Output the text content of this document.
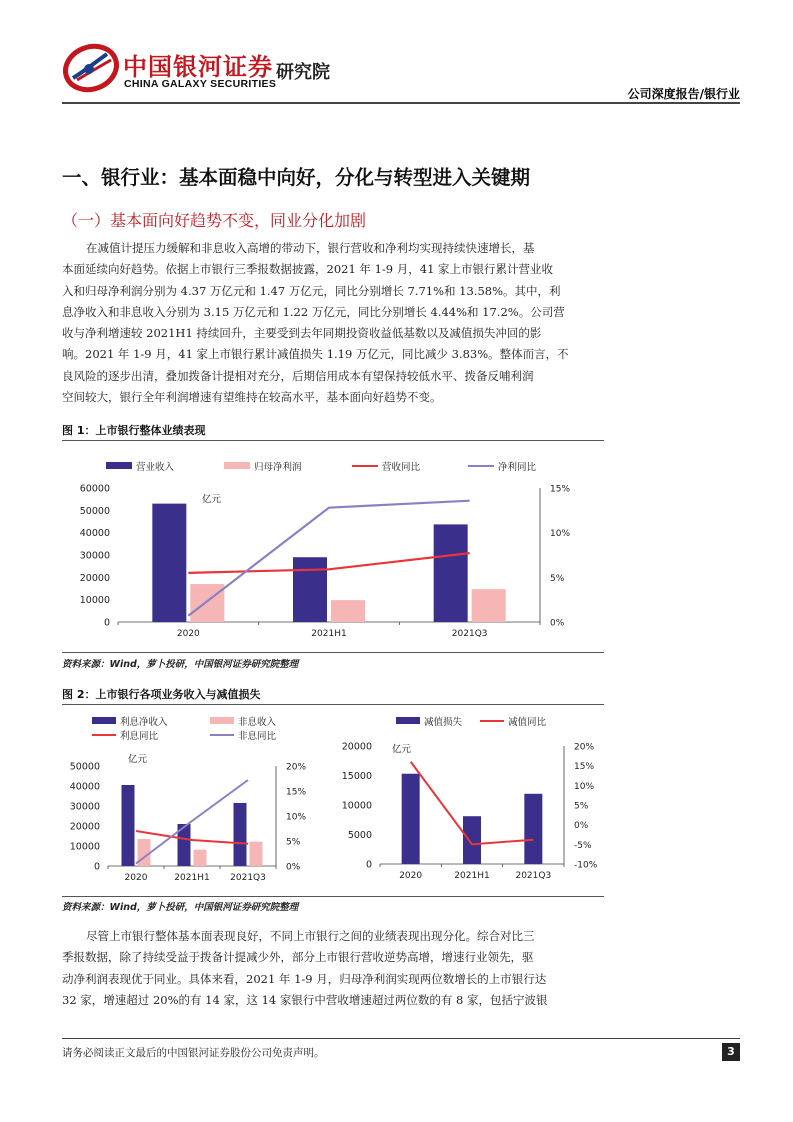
中国银河证券
CHINA GALAXY SECURITIES
研究院
公司深度报告/银行业
一、银行业：基本面稳中向好，分化与转型进入关键期
（一）基本面向好趋势不变，同业分化加剧
在减值计提压力缓解和非息收入高增的带动下，银行营收和净利均实现持续快速增长，基
本面延续向好趋势。依据上市银行三季报数据披露，2021 年 1-9 月，41 家上市银行累计营业收
入和归母净利润分别为 4.37 万亿元和 1.47 万亿元，同比分别增长 7.71%和 13.58%。其中，利
息净收入和非息收入分别为 3.15 万亿元和 1.22 万亿元，同比分别增长 4.44%和 17.2%。公司营
收与净利增速较 2021H1 持续回升，主要受到去年同期投资收益低基数以及减值损失冲回的影
响。2021 年 1-9 月，41 家上市银行累计减值损失 1.19 万亿元，同比减少 3.83%。整体而言，不
良风险的逐步出清，叠加拨备计提相对充分，后期信用成本有望保持较低水平、拨备反哺利润
空间较大，银行全年利润增速有望维持在较高水平，基本面向好趋势不变。
图 1：上市银行整体业绩表现
营业收入	归母净利润	营收同比	净利同比
0
10000
20000
30000
40000
50000
60000
0%
5%
10%
15%
亿元
2020	2021H1	2021Q3
资料来源：Wind，萝卜投研，中国银河证券研究院整理
图 2：上市银行各项业务收入与减值损失
利息净收入	非息收入
利息同比	非息同比
0
10000
20000
30000
40000
50000
0%
5%
10%
15%
20%
亿元
2020	2021H1 2021Q3
减值损失	减值同比
0
5000
10000
15000
20000
-10%
-5%
0%
5%
10%
15%
20%
亿元
2020	2021H1	2021Q3
资料来源：Wind，萝卜投研，中国银河证券研究院整理
尽管上市银行整体基本面表现良好，不同上市银行之间的业绩表现出现分化。综合对比三
季报数据，除了持续受益于拨备计提减少外，部分上市银行营收逆势高增，增速行业领先，驱
动净利润表现优于同业。具体来看，2021 年 1-9 月，归母净利润实现两位数增长的上市银行达
32 家，增速超过 20%的有 14 家，这 14 家银行中营收增速超过两位数的有 8 家，包括宁波银
请务必阅读正文最后的中国银河证券股份公司免责声明。	3
